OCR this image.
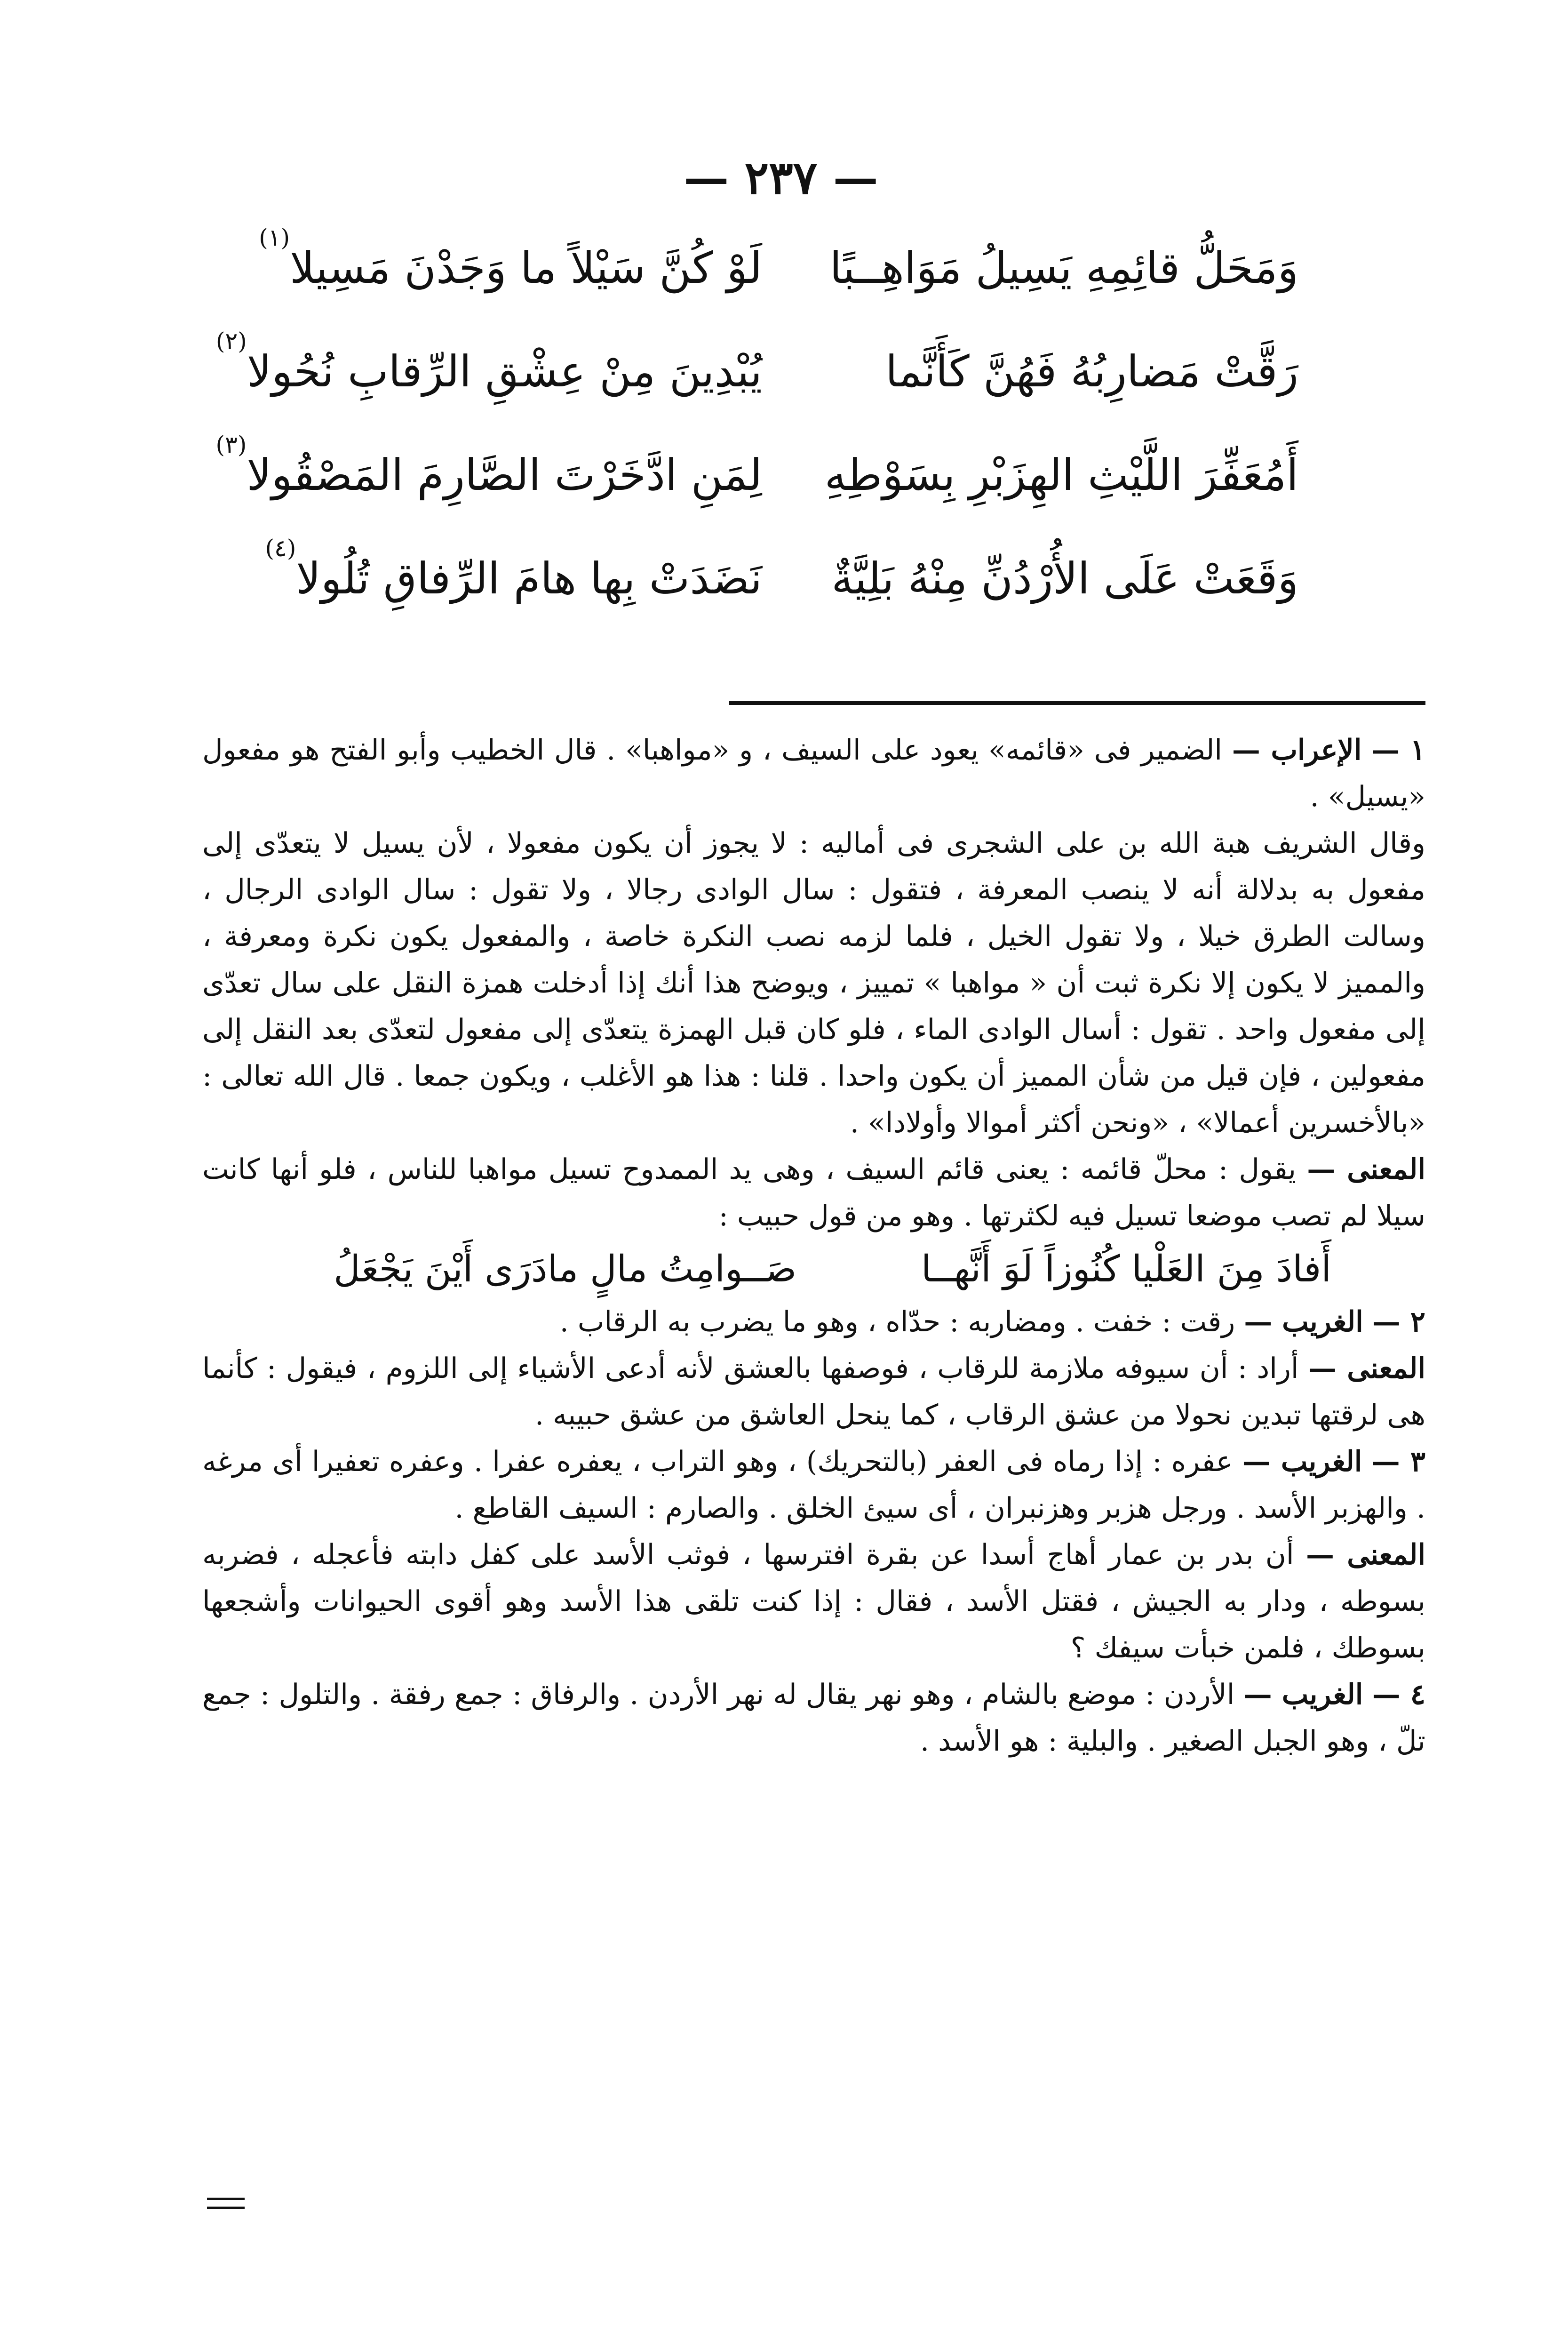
— ٢٣٧ —
وَمَحَلُّ قائِمِهِ يَسِيلُ مَوَاهِــبًا
لَوْ كُنَّ سَيْلاً ما وَجَدْنَ مَسِيلا$^{(١)}$
رَقَّتْ مَضارِبُهُ فَهُنَّ كَأَنَّما
يُبْدِينَ مِنْ عِشْقِ الرِّقابِ نُحُولا$^{(٢)}$
أَمُعَفِّرَ اللَّيْثِ الهِزَبْرِ بِسَوْطِهِ
لِمَنِ ادَّخَرْتَ الصَّارِمَ المَصْقُولا$^{(٣)}$
وَقَعَتْ عَلَى الأُرْدُنِّ مِنْهُ بَلِيَّةٌ
نَضَدَتْ بِها هامَ الرِّفاقِ تُلُولا$^{(٤)}$

١ — الإعراب — الضمير فى «قائمه» يعود على السيف ، و «مواهبا» . قال الخطيب وأبو الفتح هو مفعول «يسيل» .

وقال الشريف هبة الله بن على الشجرى فى أماليه : لا يجوز أن يكون مفعولا ، لأن يسيل لا يتعدّى إلى مفعول به بدلالة أنه لا ينصب المعرفة ، فتقول : سال الوادى رجالا ، ولا تقول : سال الوادى الرجال ، وسالت الطرق خيلا ، ولا تقول الخيل ، فلما لزمه نصب النكرة خاصة ، والمفعول يكون نكرة ومعرفة ، والمميز لا يكون إلا نكرة ثبت أن « مواهبا » تمييز ، ويوضح هذا أنك إذا أدخلت همزة النقل على سال تعدّى إلى مفعول واحد . تقول : أسال الوادى الماء ، فلو كان قبل الهمزة يتعدّى إلى مفعول لتعدّى بعد النقل إلى مفعولين ، فإن قيل من شأن المميز أن يكون واحدا . قلنا : هذا هو الأغلب ، ويكون جمعا . قال الله تعالى : «بالأخسرين أعمالا» ، «ونحن أكثر أموالا وأولادا» .

المعنى — يقول : محلّ قائمه : يعنى قائم السيف ، وهى يد الممدوح تسيل مواهبا للناس ، فلو أنها كانت سيلا لم تصب موضعا تسيل فيه لكثرتها . وهو من قول حبيب :

أَفادَ مِنَ العَلْيا كُنُوزاً لَوَ أَنَّهــا صَــوامِتُ مالٍ مادَرَى أَيْنَ يَجْعَلُ

٢ — الغريب — رقت : خفت . ومضاربه : حدّاه ، وهو ما يضرب به الرقاب .

المعنى — أراد : أن سيوفه ملازمة للرقاب ، فوصفها بالعشق لأنه أدعى الأشياء إلى اللزوم ، فيقول : كأنما هى لرقتها تبدين نحولا من عشق الرقاب ، كما ينحل العاشق من عشق حبيبه .

٣ — الغريب — عفره : إذا رماه فى العفر (بالتحريك) ، وهو التراب ، يعفره عفرا . وعفره تعفيرا أى مرغه . والهزبر الأسد . ورجل هزبر وهزنبران ، أى سيئ الخلق . والصارم : السيف القاطع .

المعنى — أن بدر بن عمار أهاج أسدا عن بقرة افترسها ، فوثب الأسد على كفل دابته فأعجله ، فضربه بسوطه ، ودار به الجيش ، فقتل الأسد ، فقال : إذا كنت تلقى هذا الأسد وهو أقوى الحيوانات وأشجعها بسوطك ، فلمن خبأت سيفك ؟

٤ — الغريب — الأردن : موضع بالشام ، وهو نهر يقال له نهر الأردن . والرفاق : جمع رفقة . والتلول : جمع تلّ ، وهو الجبل الصغير . والبلية : هو الأسد .
